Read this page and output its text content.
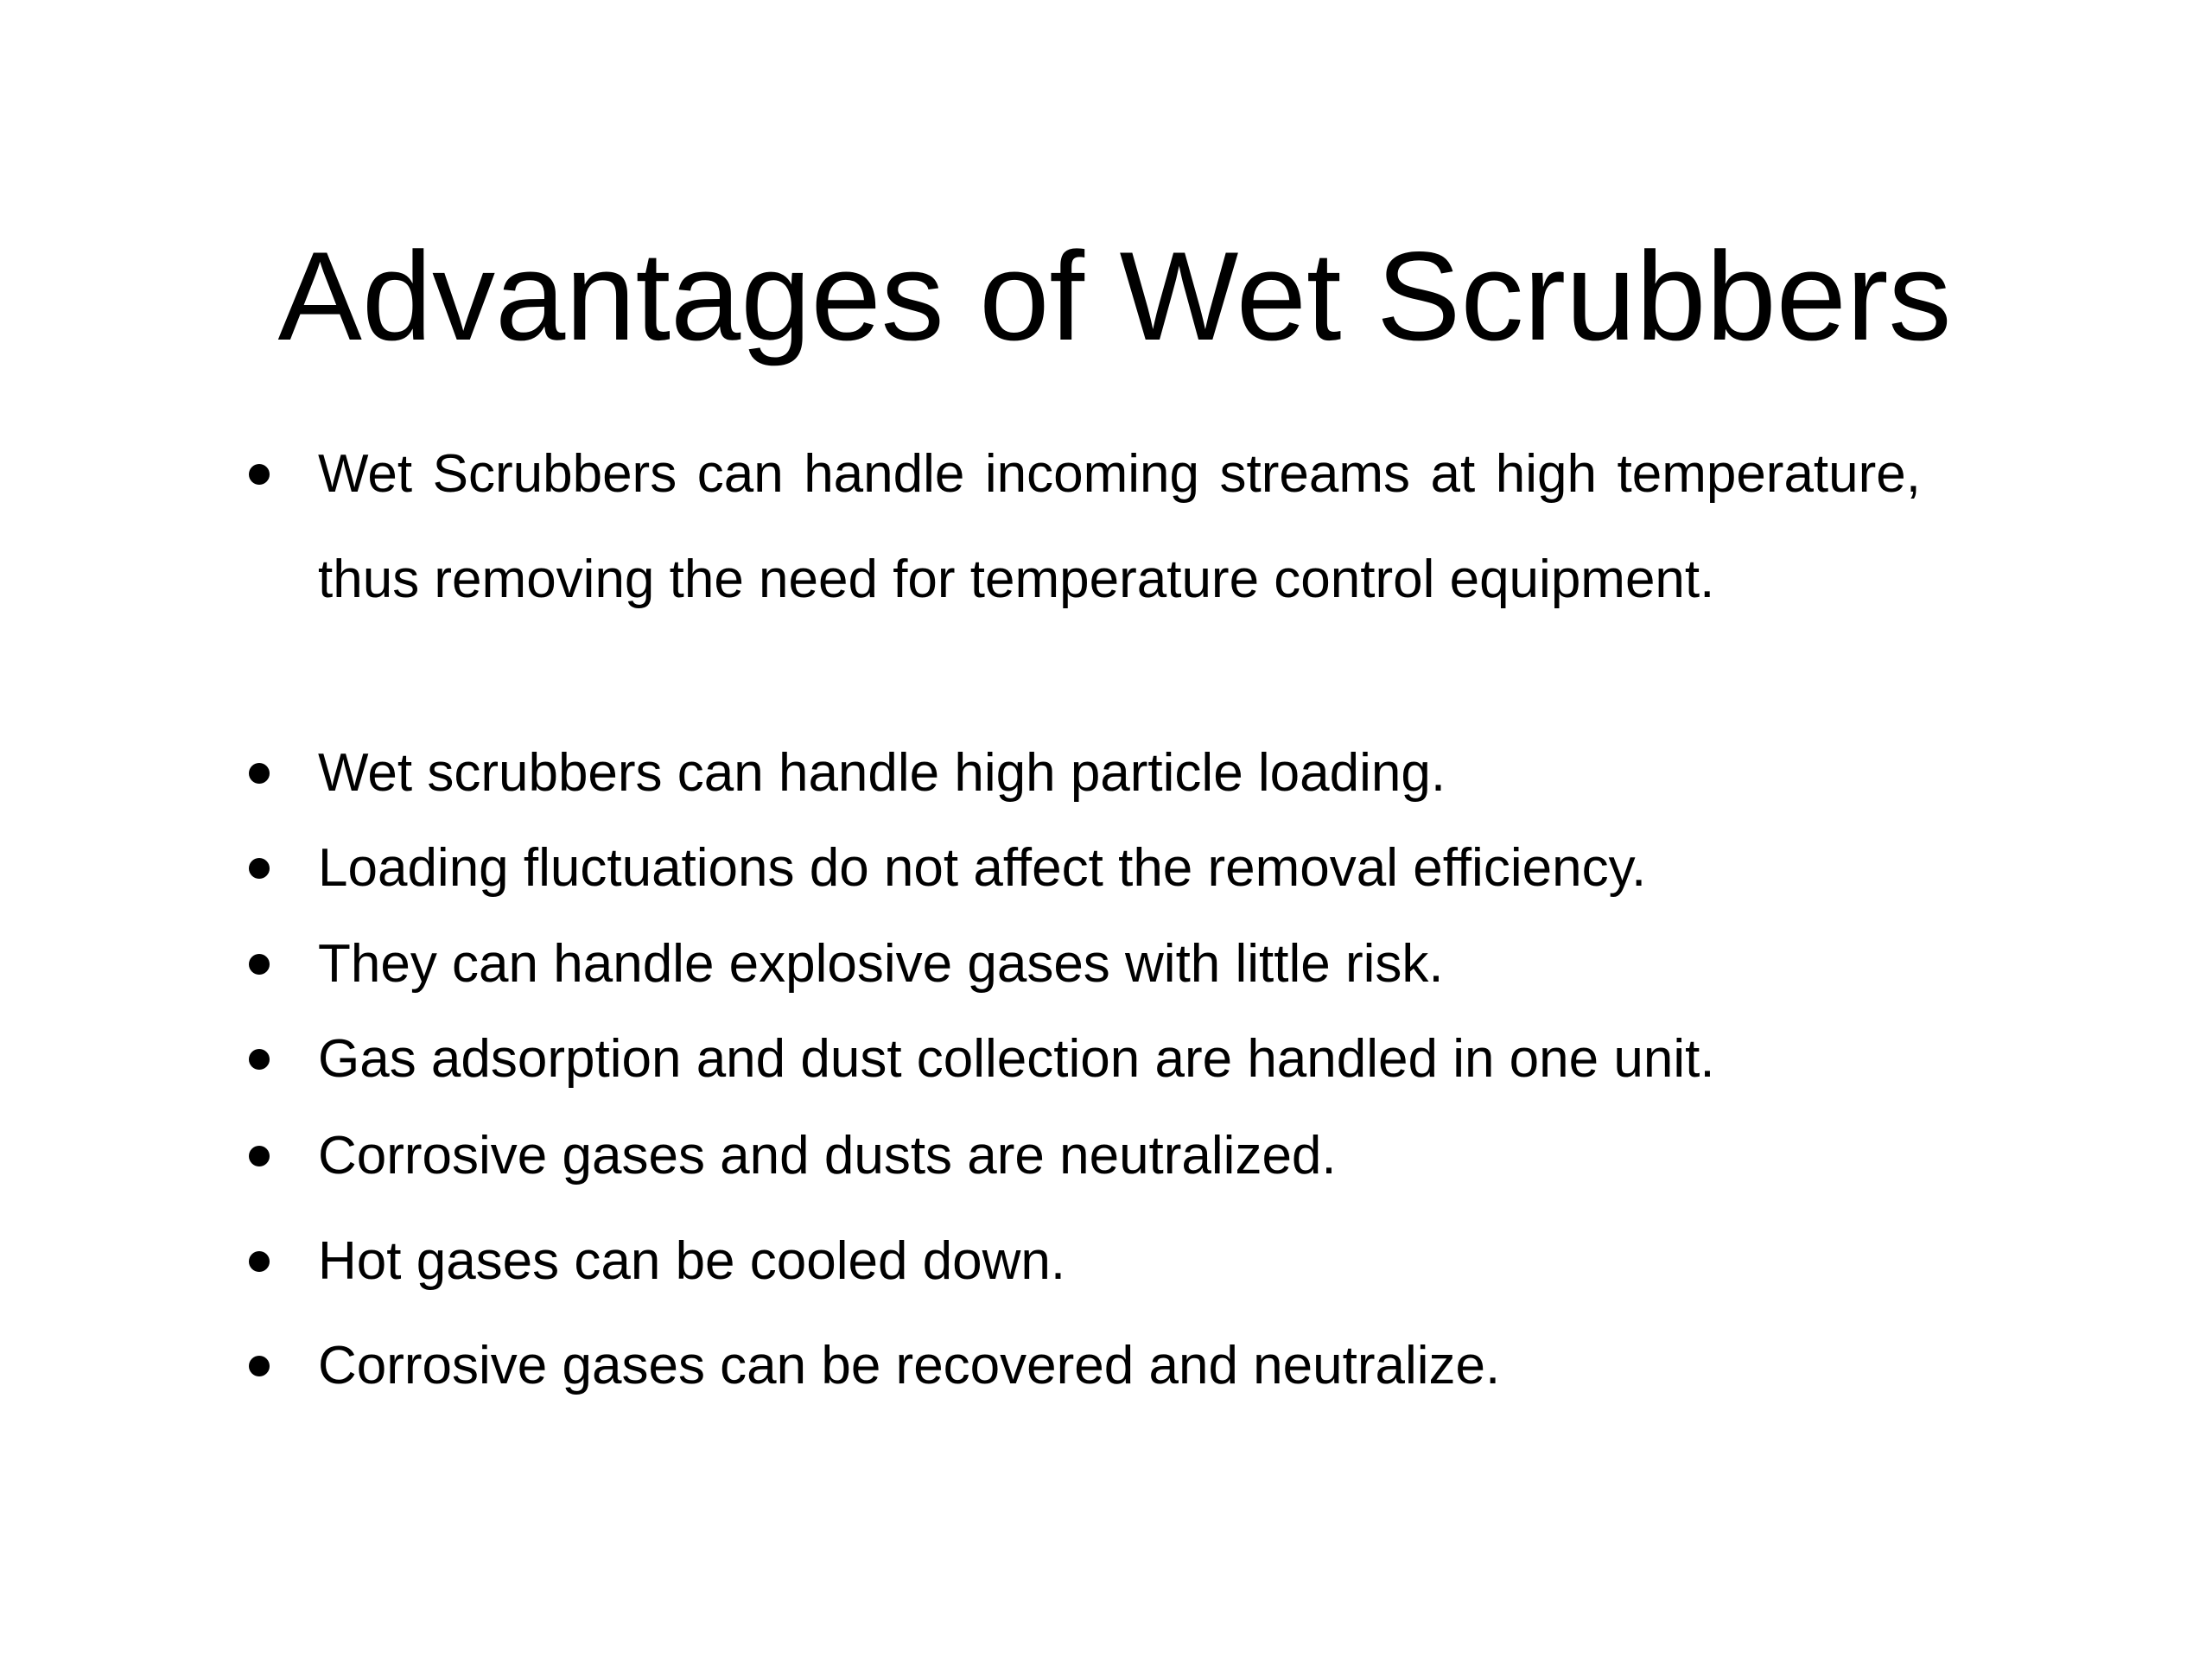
Advantages of Wet Scrubbers
Wet Scrubbers can handle incoming streams at high temperature, thus removing the need for temperature control equipment.
Wet scrubbers can handle high particle loading.
Loading fluctuations do not affect the removal efficiency.
They can handle explosive gases with little risk.
Gas adsorption and dust collection are handled in one unit.
Corrosive gases and dusts are neutralized.
Hot gases can be cooled down.
Corrosive gases can be recovered and neutralize.
